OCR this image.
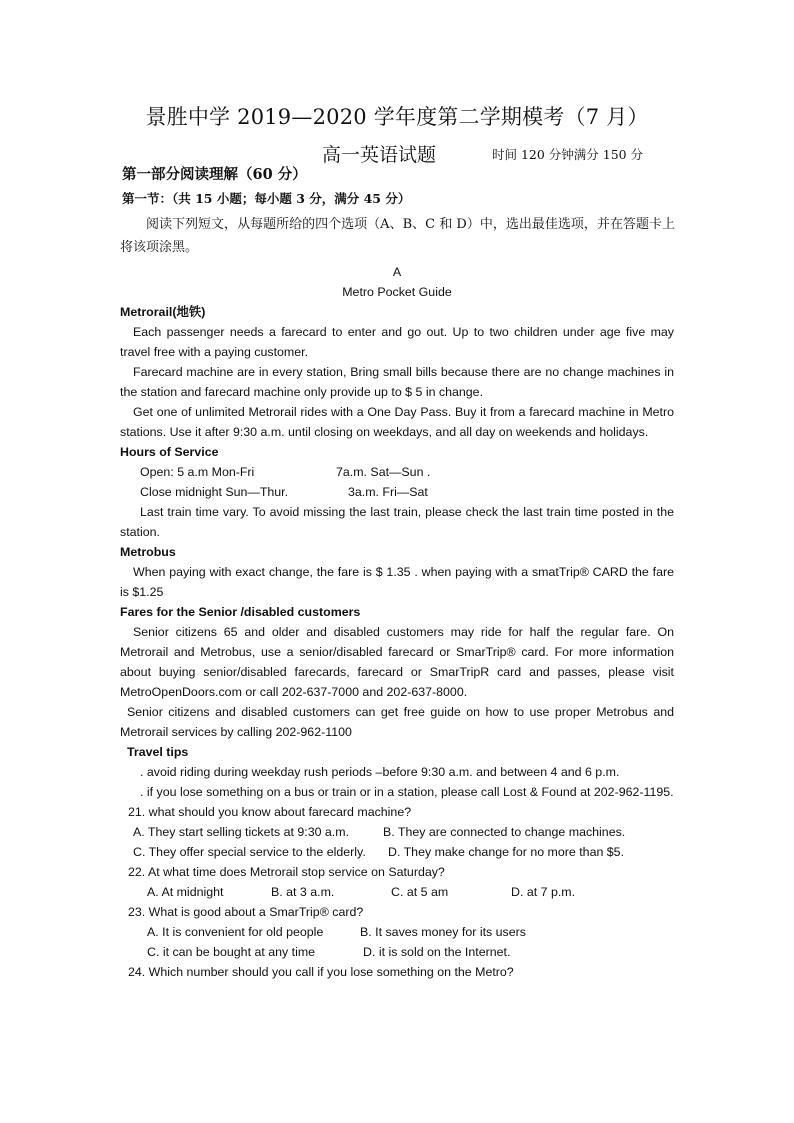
景胜中学 2019—2020 学年度第二学期模考（7 月）
高一英语试题	时间 120 分钟满分 150 分
第一部分阅读理解（60 分）
第一节：（共 15 小题；每小题 3 分，满分 45 分）
阅读下列短文，从每题所给的四个选项（A、B、C 和 D）中，选出最佳选项，并在答题卡上将该项涂黑。

A

Metro Pocket Guide

Metrorail(地铁)

Each passenger needs a farecard to enter and go out. Up to two children under age five may travel free with a paying customer.

Farecard machine are in every station, Bring small bills because there are no change machines in the station and farecard machine only provide up to $ 5 in change.

Get one of unlimited Metrorail rides with a One Day Pass. Buy it from a farecard machine in Metro stations. Use it after 9:30 a.m. until closing on weekdays, and all day on weekends and holidays.

Hours of Service

Open: 5 a.m Mon-Fri	7a.m. Sat—Sun .
Close midnight Sun—Thur.	3a.m. Fri—Sat

Last train time vary. To avoid missing the last train, please check the last train time posted in the station.

Metrobus

When paying with exact change, the fare is $ 1.35 . when paying with a smatTrip® CARD the fare is $1.25

Fares for the Senior /disabled customers

Senior citizens 65 and older and disabled customers may ride for half the regular fare. On Metrorail and Metrobus, use a senior/disabled farecard or SmarTrip® card. For more information about buying senior/disabled farecards, farecard or SmarTripR card and passes, please visit MetroOpenDoors.com or call 202-637-7000 and 202-637-8000.

Senior citizens and disabled customers can get free guide on how to use proper Metrobus and Metrorail services by calling 202-962-1100

Travel tips

. avoid riding during weekday rush periods –before 9:30 a.m. and between 4 and 6 p.m.

. if you lose something on a bus or train or in a station, please call Lost & Found at 202-962-1195.

21. what should you know about farecard machine?

A. They start selling tickets at 9:30 a.m.	B. They are connected to change machines.
C. They offer special service to the elderly.	D. They make change for no more than $5.

22. At what time does Metrorail stop service on Saturday?

A. At midnight	B. at 3 a.m.	C. at 5 am	D. at 7 p.m.

23. What is good about a SmarTrip® card?

A. It is convenient for old people	B. It saves money for its users
C. it can be bought at any time	D. it is sold on the Internet.

24. Which number should you call if you lose something on the Metro?
